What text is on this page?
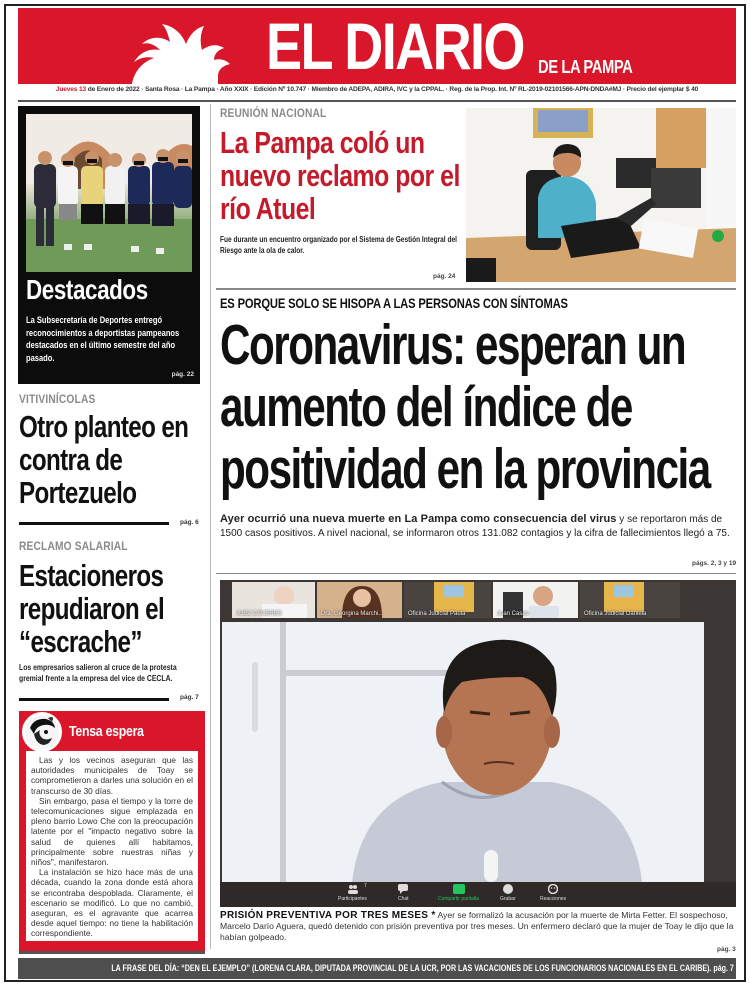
EL DIARIO DE LA PAMPA
Jueves 13 de Enero de 2022 · Santa Rosa · La Pampa · Año XXIX · Edición Nº 10.747 · Miembro de ADEPA, ADIRA, IVC y la CPPAL. · Reg. de la Prop. Int. Nº RL-2019-02101566-APN-DNDA#MJ · Precio del ejemplar $ 40
Destacados
La Subsecretaría de Deportes entregó reconocimientos a deportistas pampeanos destacados en el último semestre del año pasado.
pág. 22
VITIVINÍCOLAS
Otro planteo en contra de Portezuelo
pág. 6
RECLAMO SALARIAL
Estacioneros repudiaron el “escrache”
Los empresarios salieron al cruce de la protesta gremial frente a la empresa del vice de CECLA.
pág. 7
Tensa espera

Las y los vecinos aseguran que las autoridades municipales de Toay se comprometieron a darles una solución en el transcurso de 30 días.

Sin embargo, pasa el tiempo y la torre de telecomunicaciones sigue emplazada en pleno barrio Lowo Che con la preocupación latente por el "impacto negativo sobre la salud de quienes allí habitamos, principalmente sobre nuestras niñas y niños", manifestaron.

La instalación se hizo hace más de una década, cuando la zona donde está ahora se encontraba despoblada. Claramente, el escenario se modificó. Lo que no cambió, aseguran, es el agravante que acarrea desde aquel tiempo: no tiene la habilitación correspondiente.

REUNIÓN NACIONAL
La Pampa coló un nuevo reclamo por el río Atuel
Fue durante un encuentro organizado por el Sistema de Gestión Integral del Riesgo ante la ola de calor.
pág. 24
ES PORQUE SOLO SE HISOPA A LAS PERSONAS CON SÍNTOMAS
Coronavirus: esperan un aumento del índice de positividad en la provincia
Ayer ocurrió una nueva muerte en La Pampa como consecuencia del virus y se reportaron más de 1500 casos positivos. A nivel nacional, se informaron otros 131.082 contagios y la cifra de fallecimientos llegó a 75.
págs. 2, 3 y 19
JUEZ CÁCERES	Dra. Georgina Marchi...	Oficina Judicial Paula	Juan Casas	Oficina Judicial Daniela
Participantes
7
Chat	Compartir pantalla	Grabar	Reacciones
PRISIÓN PREVENTIVA POR TRES MESES * Ayer se formalizó la acusación por la muerte de Mirta Fetter. El sospechoso, Marcelo Darío Aguera, quedó detenido con prisión preventiva por tres meses. Un enfermero declaró que la mujer de Toay le dijo que la habían golpeado.
pág. 3
LA FRASE DEL DÍA: “DEN EL EJEMPLO” (LORENA CLARA, DIPUTADA PROVINCIAL DE LA UCR, POR LAS VACACIONES DE LOS FUNCIONARIOS NACIONALES EN EL CARIBE). pág. 7
